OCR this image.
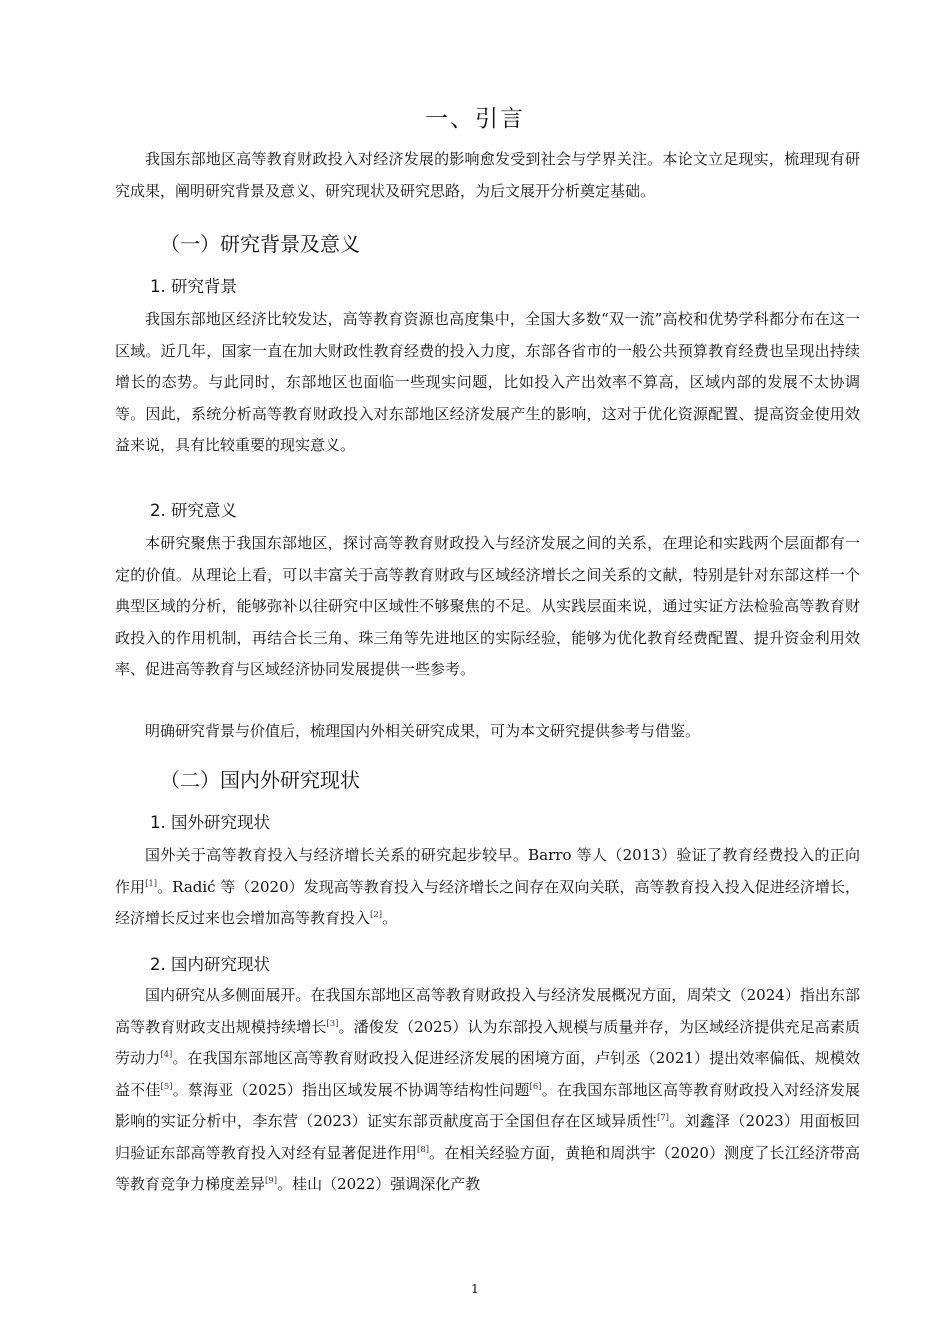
一、引言

我国东部地区高等教育财政投入对经济发展的影响愈发受到社会与学界关注。本论文立足现实，梳理现有研究成果，阐明研究背景及意义、研究现状及研究思路，为后文展开分析奠定基础。

（一）研究背景及意义
1. 研究背景

我国东部地区经济比较发达，高等教育资源也高度集中，全国大多数“双一流”高校和优势学科都分布在这一区域。近几年，国家一直在加大财政性教育经费的投入力度，东部各省市的一般公共预算教育经费也呈现出持续增长的态势。与此同时，东部地区也面临一些现实问题，比如投入产出效率不算高，区域内部的发展不太协调等。因此，系统分析高等教育财政投入对东部地区经济发展产生的影响，这对于优化资源配置、提高资金使用效益来说，具有比较重要的现实意义。

2. 研究意义

本研究聚焦于我国东部地区，探讨高等教育财政投入与经济发展之间的关系，在理论和实践两个层面都有一定的价值。从理论上看，可以丰富关于高等教育财政与区域经济增长之间关系的文献，特别是针对东部这样一个典型区域的分析，能够弥补以往研究中区域性不够聚焦的不足。从实践层面来说，通过实证方法检验高等教育财政投入的作用机制，再结合长三角、珠三角等先进地区的实际经验，能够为优化教育经费配置、提升资金利用效率、促进高等教育与区域经济协同发展提供一些参考。

明确研究背景与价值后，梳理国内外相关研究成果，可为本文研究提供参考与借鉴。

（二）国内外研究现状
1. 国外研究现状

国外关于高等教育投入与经济增长关系的研究起步较早。Barro 等人（2013）验证了教育经费投入的正向作用[1]。Radić 等（2020）发现高等教育投入与经济增长之间存在双向关联，高等教育投入投入促进经济增长，经济增长反过来也会增加高等教育投入[2]。

2. 国内研究现状

国内研究从多侧面展开。在我国东部地区高等教育财政投入与经济发展概况方面，周荣文（2024）指出东部高等教育财政支出规模持续增长[3]。潘俊发（2025）认为东部投入规模与质量并存，为区域经济提供充足高素质劳动力[4]。在我国东部地区高等教育财政投入促进经济发展的困境方面，卢钊丞（2021）提出效率偏低、规模效益不佳[5]。蔡海亚（2025）指出区域发展不协调等结构性问题[6]。在我国东部地区高等教育财政投入对经济发展影响的实证分析中，李东营（2023）证实东部贡献度高于全国但存在区域异质性[7]。刘鑫泽（2023）用面板回归验证东部高等教育投入对经有显著促进作用[8]。在相关经验方面，黄艳和周洪宇（2020）测度了长江经济带高等教育竞争力梯度差异[9]。桂山（2022）强调深化产教

1
